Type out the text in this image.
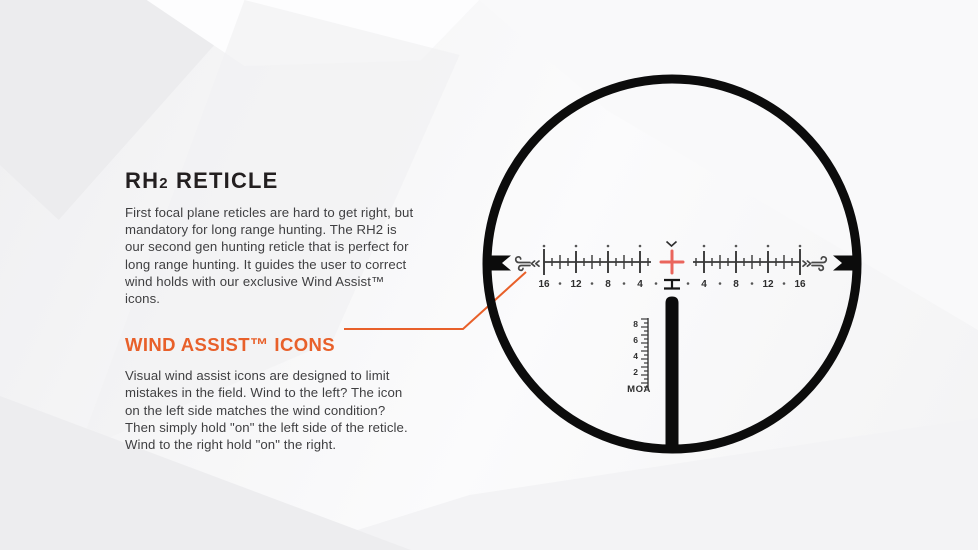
16 12 8	4	4	8 12 16
8
6
4
2
MOA
RH2 RETICLE

First focal plane reticles are hard to get right, but mandatory for long range hunting. The RH2 is our second gen hunting reticle that is perfect for long range hunting. It guides the user to correct wind holds with our exclusive Wind Assist™ icons.

WIND ASSIST™ ICONS

Visual wind assist icons are designed to limit mistakes in the field. Wind to the left? The icon on the left side matches the wind condition? Then simply hold "on" the left side of the reticle. Wind to the right hold "on" the right.
